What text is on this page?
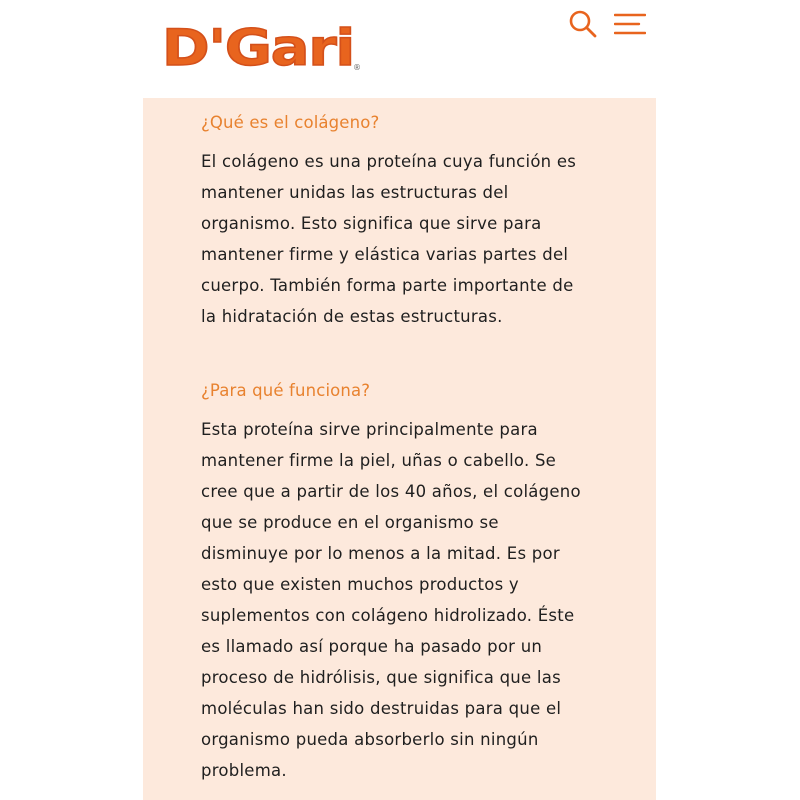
D'Gari ®
¿Qué es el colágeno?

El colágeno es una proteína cuya función es
mantener unidas las estructuras del
organismo. Esto significa que sirve para
mantener firme y elástica varias partes del
cuerpo. También forma parte importante de
la hidratación de estas estructuras.

¿Para qué funciona?

Esta proteína sirve principalmente para
mantener firme la piel, uñas o cabello. Se
cree que a partir de los 40 años, el colágeno
que se produce en el organismo se
disminuye por lo menos a la mitad. Es por
esto que existen muchos productos y
suplementos con colágeno hidrolizado. Éste
es llamado así porque ha pasado por un
proceso de hidrólisis, que significa que las
moléculas han sido destruidas para que el
organismo pueda absorberlo sin ningún
problema.
